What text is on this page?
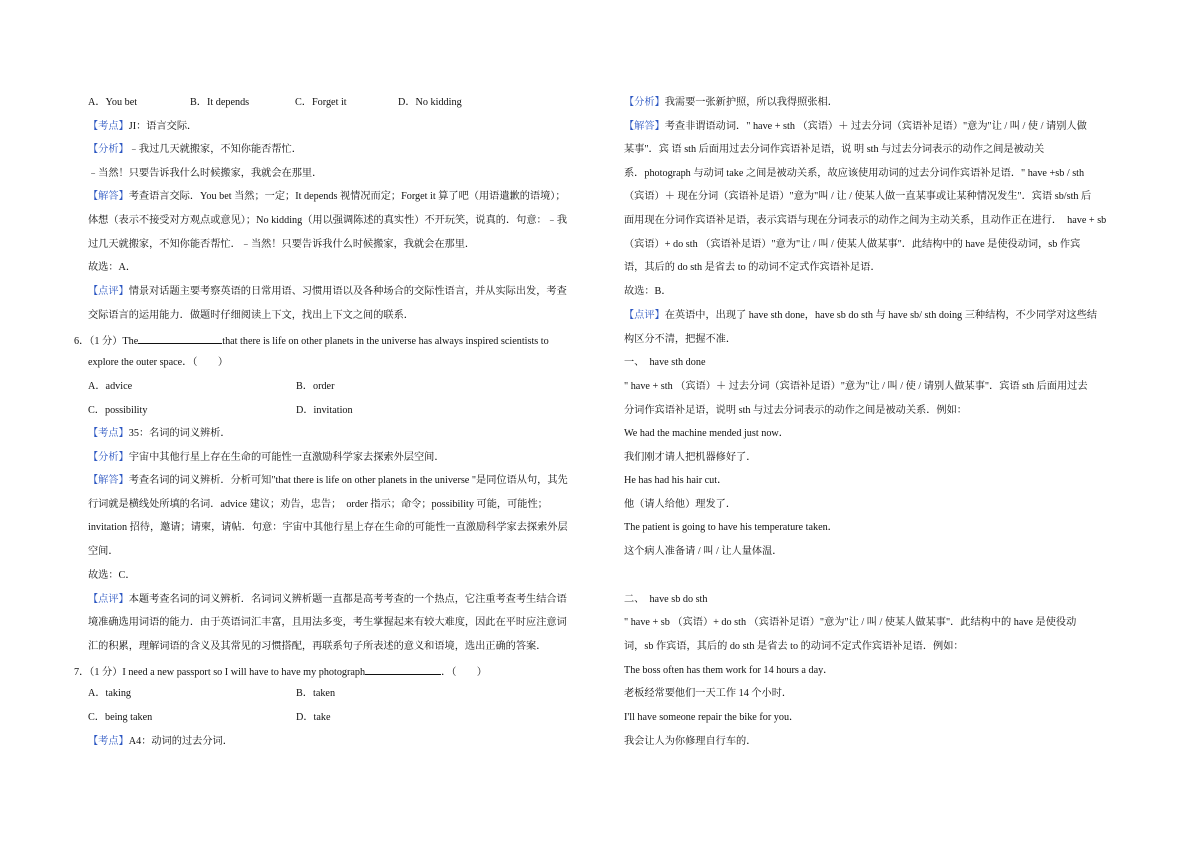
A．You bet	B．It depends	C．Forget it	D．No kidding
【考点】JI：语言交际．
【分析】﹣我过几天就搬家，不知你能否帮忙．
﹣当然！只要告诉我什么时候搬家，我就会在那里．
【解答】考查语言交际．You bet 当然；一定；It depends 视情况而定；Forget it 算了吧（用语遣歉的语境）；
体想（表示不接受对方观点或意见）；No kidding（用以强调陈述的真实性）不开玩笑，说真的．句意：﹣我
过几天就搬家，不知你能否帮忙．﹣当然！只要告诉我什么时候搬家，我就会在那里．
故选：A．
【点评】情景对话题主要考察英语的日常用语、习惯用语以及各种场合的交际性语言，并从实际出发，考查
交际语言的运用能力．做题时仔细阅读上下文，找出上下文之间的联系．
6．（1 分）The	that there is life on other planets in the universe has always inspired scientists to
explore the outer space．（　　）
A．advice	B．order
C．possibility	D．invitation
【考点】35：名词的词义辨析．
【分析】宇宙中其他行星上存在生命的可能性一直激励科学家去探索外层空间．
【解答】考查名词的词义辨析．分析可知"that there is life on other planets in the universe "是同位语从句，其先
行词就是横线处所填的名词．advice 建议；劝告，忠告；　order 指示；命令；possibility 可能，可能性；
invitation 招待，邀请；请柬，请帖．句意：宇宙中其他行星上存在生命的可能性一直激励科学家去探索外层
空间．
故选：C．
【点评】本题考查名词的词义辨析．名词词义辨析题一直都是高考考查的一个热点，它注重考查考生结合语
境准确选用词语的能力．由于英语词汇丰富，且用法多变，考生掌握起来有较大难度，因此在平时应注意词
汇的积累，理解词语的含义及其常见的习惯搭配，再联系句子所表述的意义和语境，选出正确的答案．
7．（1 分）I need a new passport so I will have to have my photograph	．（　　）
A．taking	B．taken
C．being taken	D．take
【考点】A4：动词的过去分词．
【分析】我需要一张新护照，所以我得照张相．
【解答】考查非谓语动词．" have + sth （宾语）＋ 过去分词（宾语补足语）"意为"让 / 叫 / 使 / 请别人做
某事"．宾 语 sth 后面用过去分词作宾语补足语，说 明 sth 与过去分词表示的动作之间是被动关
系．photograph 与动词 take 之间是被动关系，故应该使用动词的过去分词作宾语补足语．" have +sb / sth
（宾语）＋ 现在分词（宾语补足语）"意为"叫 / 让 / 使某人做一直某事或让某种情况发生"．宾语 sb/sth 后
面用现在分词作宾语补足语，表示宾语与现在分词表示的动作之间为主动关系，且动作正在进行．　have + sb
（宾语）+ do sth （宾语补足语）"意为"让 / 叫 / 使某人做某事"．此结构中的 have 是使役动词，sb 作宾
语，其后的 do sth 是省去 to 的动词不定式作宾语补足语．
故选：B．
【点评】在英语中，出现了 have sth done，have sb do sth 与 have sb/ sth doing 三种结构，不少同学对这些结
构区分不清，把握不准．
一、　have sth done
" have + sth （宾语）＋ 过去分词（宾语补足语）"意为"让 / 叫 / 使 / 请别人做某事"．宾语 sth 后面用过去
分词作宾语补足语，说明 sth 与过去分词表示的动作之间是被动关系．例如：
We had the machine mended just now．
我们刚才请人把机器修好了．
He has had his hair cut．
他（请人给他）理发了．
The patient is going to have his temperature taken．
这个病人准备请 / 叫 / 让人量体温．
二、　have sb do sth
" have + sb （宾语）+ do sth （宾语补足语）"意为"让 / 叫 / 使某人做某事"．此结构中的 have 是使役动
词，sb 作宾语，其后的 do sth 是省去 to 的动词不定式作宾语补足语．例如：
The boss often has them work for 14 hours a day．
老板经常要他们一天工作 14 个小时．
I'll have someone repair the bike for you．
我会让人为你修理自行车的．
